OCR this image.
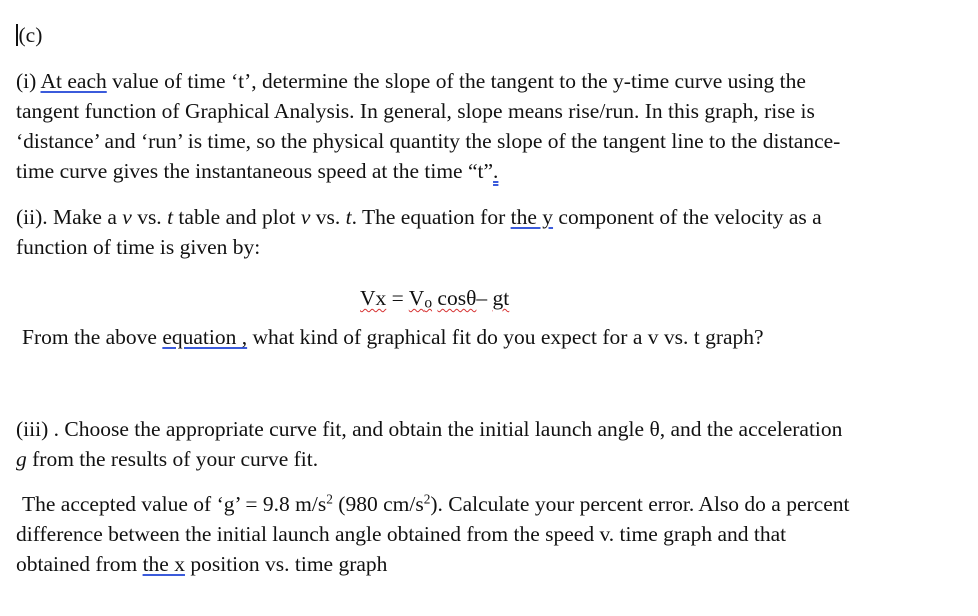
(c)
(i) At each value of time ‘t’, determine the slope of the tangent to the y-time curve using the
tangent function of Graphical Analysis. In general, slope means rise/run. In this graph, rise is
‘distance’ and ‘run’ is time, so the physical quantity the slope of the tangent line to the distance-
time curve gives the instantaneous speed at the time “t”.
(ii). Make a v vs. t table and plot v vs. t. The equation for the y component of the velocity as a
function of time is given by:
Vx = Vo cosθ– gt
From the above equation , what kind of graphical fit do you expect for a v vs. t graph?
(iii) . Choose the appropriate curve fit, and obtain the initial launch angle θ, and the acceleration
g from the results of your curve fit.
The accepted value of ‘g’ = 9.8 $m/s^2$ (980 $cm/s^2$). Calculate your percent error. Also do a percent
difference between the initial launch angle obtained from the speed v. time graph and that
obtained from the x position vs. time graph
